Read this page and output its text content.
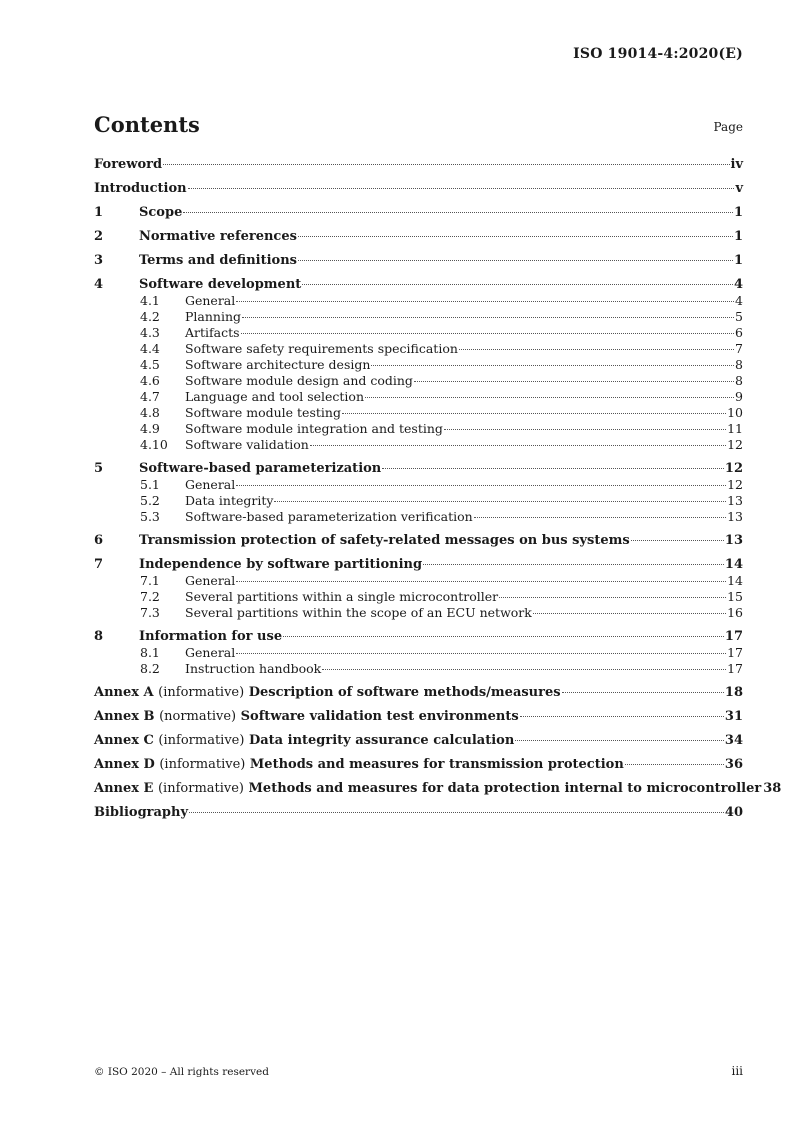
ISO 19014-4:2020(E)
Contents	Page
Foreword	iv
Introduction	v
1	Scope	1
2	Normative references	1
3	Terms and definitions	1
4	Software development	4
4.1	General	4
4.2	Planning	5
4.3	Artifacts	6
4.4	Software safety requirements specification	7
4.5	Software architecture design	8
4.6	Software module design and coding	8
4.7	Language and tool selection	9
4.8	Software module testing	10
4.9	Software module integration and testing	11
4.10	Software validation	12
5	Software-based parameterization	12
5.1	General	12
5.2	Data integrity	13
5.3	Software-based parameterization verification	13
6	Transmission protection of safety-related messages on bus systems	13
7	Independence by software partitioning	14
7.1	General	14
7.2	Several partitions within a single microcontroller	15
7.3	Several partitions within the scope of an ECU network	16
8	Information for use	17
8.1	General	17
8.2	Instruction handbook	17
Annex A (informative) Description of software methods/measures	18
Annex B (normative) Software validation test environments	31
Annex C (informative) Data integrity assurance calculation	34
Annex D (informative) Methods and measures for transmission protection	36
Annex E (informative) Methods and measures for data protection internal to microcontroller 38
Bibliography	40
© ISO 2020 – All rights reserved	iii
